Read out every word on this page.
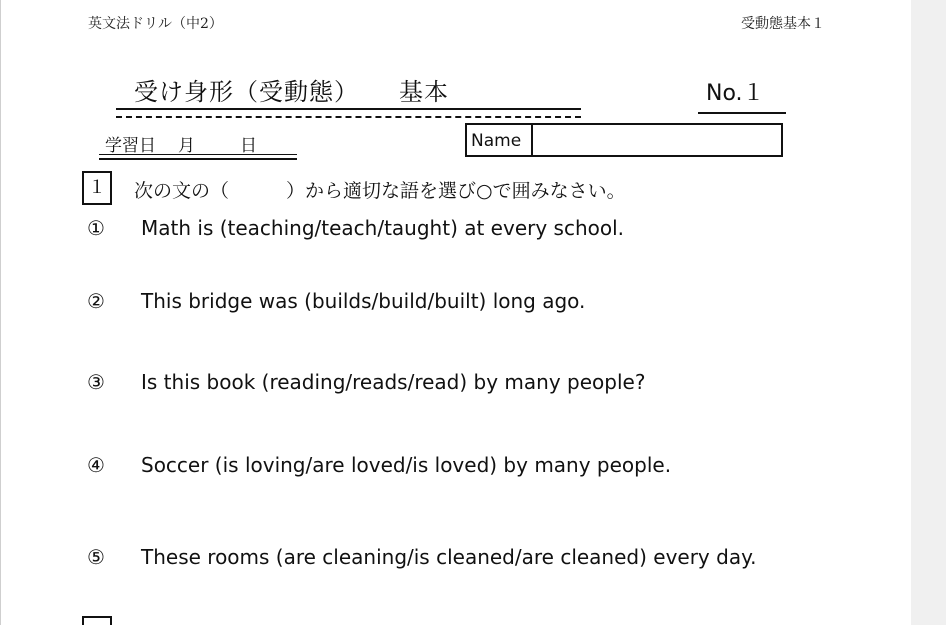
英文法ドリル（中2）	受動態基本１
受け身形（受動態） 基本	No.１
学習日 月	日	Name
１	次の文の（　　　）から適切な語を選び○で囲みなさい。
① Math is (teaching/teach/taught) at every school.
② This bridge was (builds/build/built) long ago.
③ Is this book (reading/reads/read) by many people?
④ Soccer (is loving/are loved/is loved) by many people.
⑤ These rooms (are cleaning/is cleaned/are cleaned) every day.
